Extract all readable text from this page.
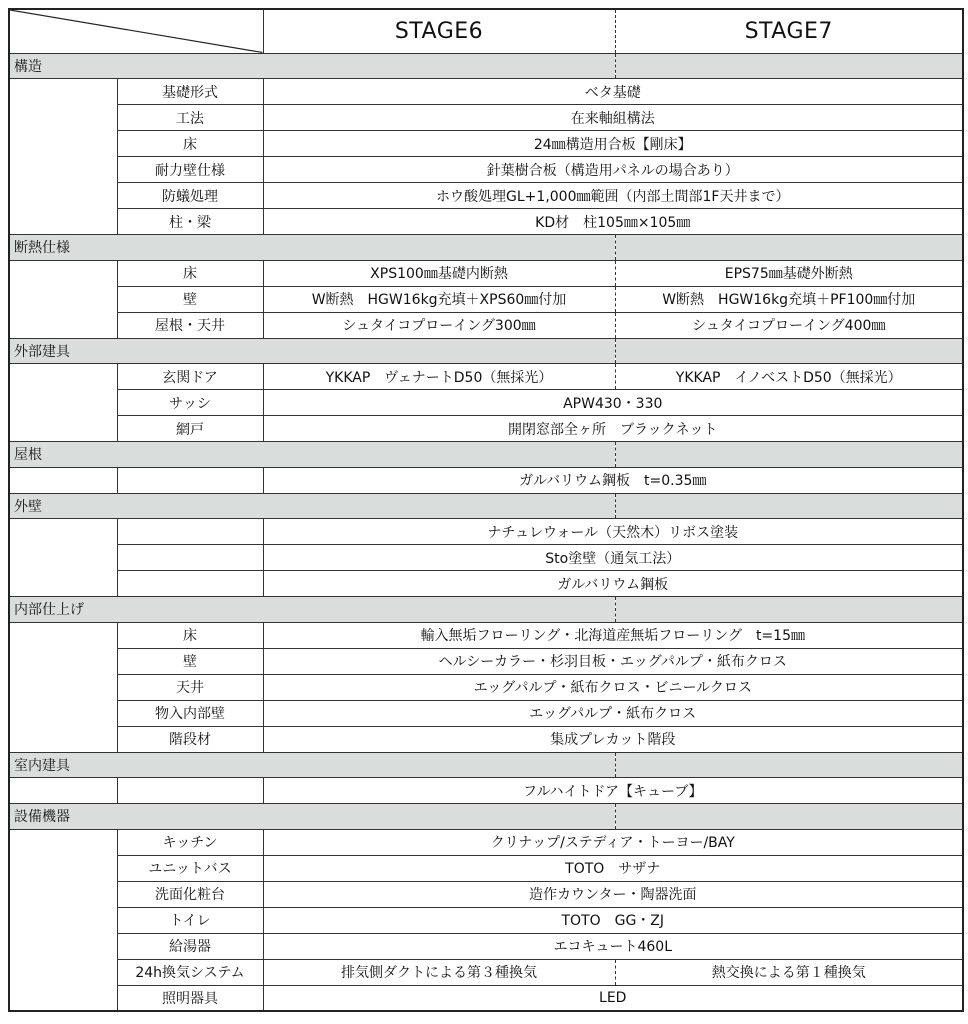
	STAGE6	STAGE7
構造			
	基礎形式	ベタ基礎	
	工法	在来軸組構法	
	床	24㎜構造用合板【剛床】	
	耐力壁仕様	針葉樹合板（構造用パネルの場合あり）	
	防蟻処理	ホウ酸処理GL+1,000㎜範囲（内部土間部1F天井まで）	
	柱・梁	KD材　柱105㎜×105㎜	
断熱仕様			
	床	XPS100㎜基礎内断熱	EPS75㎜基礎外断熱
	壁	W断熱　HGW16kg充填＋XPS60㎜付加	W断熱　HGW16kg充填＋PF100㎜付加
	屋根・天井	シュタイコプローイング300㎜	シュタイコプローイング400㎜
外部建具			
	玄関ドア	YKKAP　ヴェナートD50（無採光）	YKKAP　イノベストD50（無採光）
	サッシ	APW430・330	
	網戸	開閉窓部全ヶ所　ブラックネット	
屋根			
		ガルバリウム鋼板　t=0.35㎜	
外壁			
		ナチュレウォール（天然木）リボス塗装	
		Sto塗壁（通気工法）	
		ガルバリウム鋼板	
内部仕上げ			
	床	輸入無垢フローリング・北海道産無垢フローリング　t=15㎜	
	壁	ヘルシーカラー・杉羽目板・エッグパルプ・紙布クロス	
	天井	エッグパルプ・紙布クロス・ビニールクロス	
	物入内部壁	エッグパルプ・紙布クロス	
	階段材	集成プレカット階段	
室内建具			
		フルハイトドア【キューブ】	
設備機器			
	キッチン	クリナップ/ステディア・トーヨー/BAY	
	ユニットバス	TOTO　サザナ	
	洗面化粧台	造作カウンター・陶器洗面	
	トイレ	TOTO　GG・ZJ	
	給湯器	エコキュート460L	
	24h換気システム	排気側ダクトによる第３種換気	熱交換による第１種換気
	照明器具	LED	
